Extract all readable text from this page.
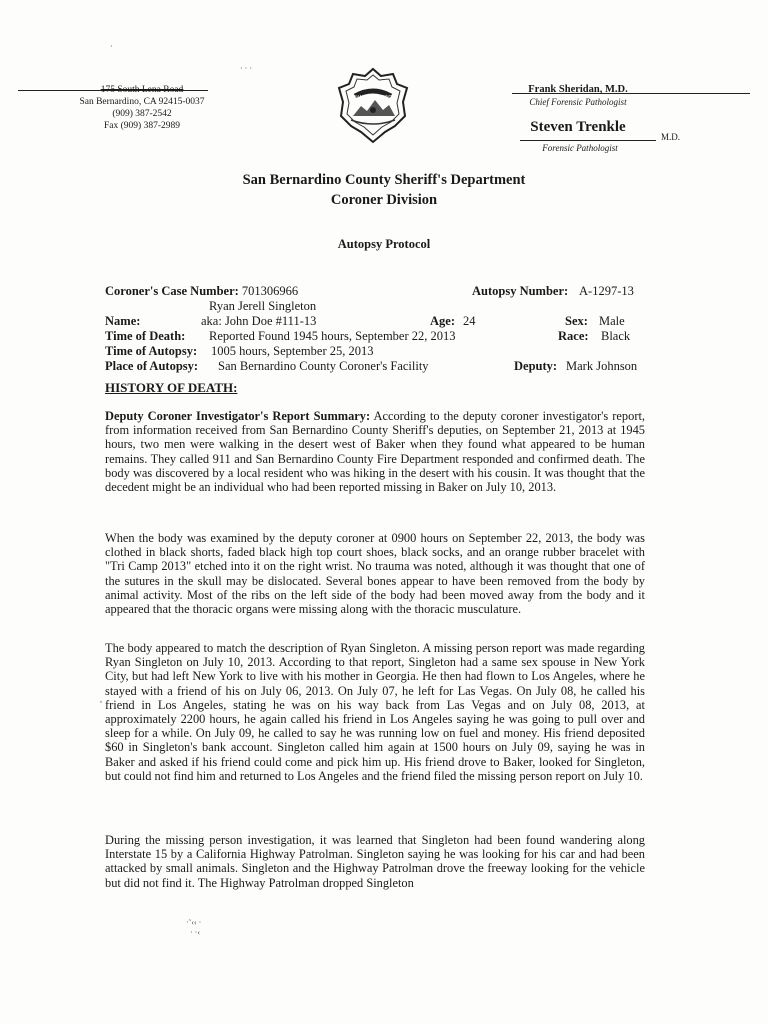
175 South Lena Road
San Bernardino, CA 92415-0037
(909) 387-2542
Fax (909) 387-2989
SAN BERNARDINO
Frank Sheridan, M.D.
Chief Forensic Pathologist
Steven Trenkle
M.D.
Forensic Pathologist
San Bernardino County Sheriff's Department
Coroner Division
Autopsy Protocol
Coroner's Case Number: 701306966	Autopsy Number: A-1297-13
Ryan Jerell Singleton
Name:	aka: John Doe #111-13	Age: 24	Sex: Male
Time of Death: Reported Found 1945 hours, September 22, 2013	Race: Black
Time of Autopsy: 1005 hours, September 25, 2013
Place of Autopsy: San Bernardino County Coroner's Facility	Deputy: Mark Johnson
HISTORY OF DEATH:
Deputy Coroner Investigator's Report Summary: According to the deputy coroner investigator's report, from information received from San Bernardino County Sheriff's deputies, on September 21, 2013 at 1945 hours, two men were walking in the desert west of Baker when they found what appeared to be human remains. They called 911 and San Bernardino County Fire Department responded and confirmed death. The body was discovered by a local resident who was hiking in the desert with his cousin. It was thought that the decedent might be an individual who had been reported missing in Baker on July 10, 2013.
When the body was examined by the deputy coroner at 0900 hours on September 22, 2013, the body was clothed in black shorts, faded black high top court shoes, black socks, and an orange rubber bracelet with "Tri Camp 2013" etched into it on the right wrist. No trauma was noted, although it was thought that one of the sutures in the skull may be dislocated. Several bones appear to have been removed from the body by animal activity. Most of the ribs on the left side of the body had been moved away from the body and it appeared that the thoracic organs were missing along with the thoracic musculature.
The body appeared to match the description of Ryan Singleton. A missing person report was made regarding Ryan Singleton on July 10, 2013. According to that report, Singleton had a same sex spouse in New York City, but had left New York to live with his mother in Georgia. He then had flown to Los Angeles, where he stayed with a friend of his on July 06, 2013. On July 07, he left for Las Vegas. On July 08, he called his friend in Los Angeles, stating he was on his way back from Las Vegas and on July 08, 2013, at approximately 2200 hours, he again called his friend in Los Angeles saying he was going to pull over and sleep for a while. On July 09, he called to say he was running low on fuel and money. His friend deposited $60 in Singleton's bank account. Singleton called him again at 1500 hours on July 09, saying he was in Baker and asked if his friend could come and pick him up. His friend drove to Baker, looked for Singleton, but could not find him and returned to Los Angeles and the friend filed the missing person report on July 10.
During the missing person investigation, it was learned that Singleton had been found wandering along Interstate 15 by a California Highway Patrolman. Singleton saying he was looking for his car and had been attacked by small animals. Singleton and the Highway Patrolman drove the freeway looking for the vehicle but did not find it. The Highway Patrolman dropped Singleton
·˜‹‹ ·
· ·‹
,
·
· · ·
